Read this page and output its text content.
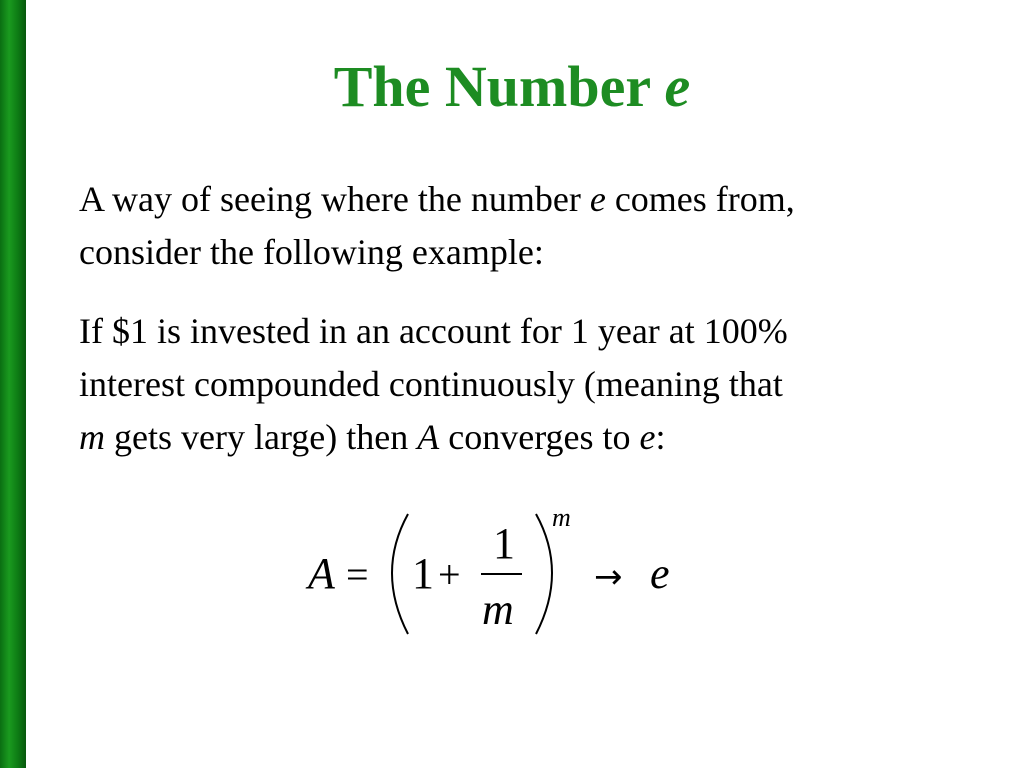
The Number e
A way of seeing where the number e comes from,
consider the following example:
If $1 is invested in an account for 1 year at 100%
interest compounded continuously (meaning that
m gets very large) then A converges to e:
A = 1 +
1
m
m
→ e
